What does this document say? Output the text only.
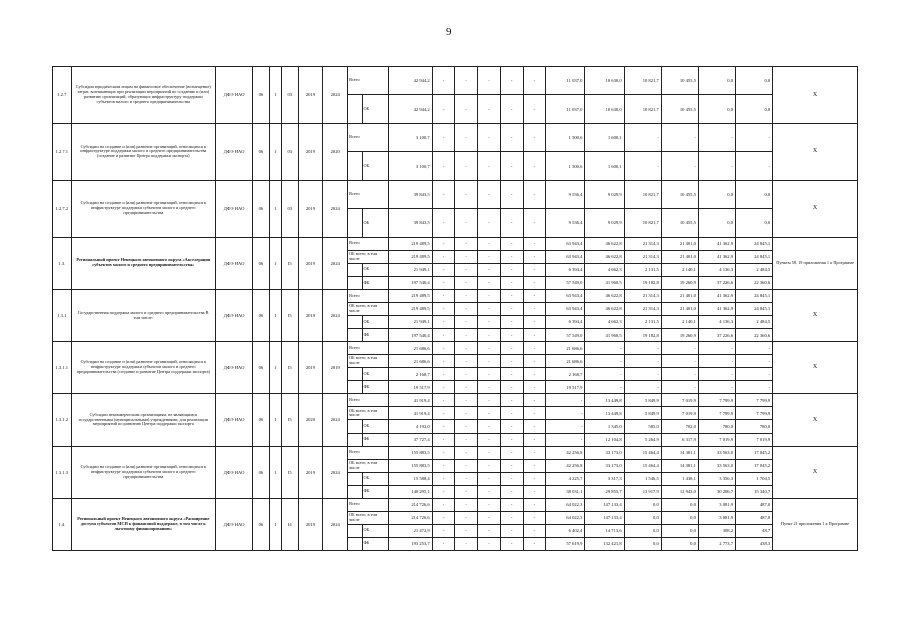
9
1.2.7	Субсидии юридическим лицам на финансовое обеспечение (возмещение) затрат, возникающих при реализации мероприятий по созданию и (или) развитию организаций, образующих инфраструктуру поддержки субъектов малого и среднего предпринимательства	ДФЭ НАО	06	1	03	2019	2024	Всего		42 944,2	-	-	-	-	-	11 037,0	10 630,0	10 821,7	10 455,5	0,0	0,0	X
									ОБ	42 944,2	-	-	-	-	-	11 037,0	10 630,0	10 821,7	10 455,5	0,0	0,0	
1.2.7.1	Субсидии на создание и (или) развитие организаций, относящихся к инфраструктуре поддержки малого и среднего предпринимательства (создание и развитие Центра поддержки экспорта)	ДФЭ НАО	06	1	03	2019	2020	Всего		3 100,7	-	-	-	-	-	1 500,6	1 600,1	-	-	-	-	X
									ОБ	3 100,7	-	-	-	-	-	1 500,6	1 600,1	-	-	-	-	
1.2.7.2	Субсидии на создание и (или) развитие организаций, относящихся к инфраструктуре поддержки субъектов малого и среднего предпринимательства	ДФЭ НАО	06	1	03	2019	2024	Всего		39 843,5	-	-	-	-	-	9 536,4	9 029,9	10 821,7	10 455,5	0,0	0,0	X
									ОБ	39 843,5	-	-	-	-	-	9 536,4	9 029,9	10 821,7	10 455,5	0,0	0,0	
1.3.	Региональный проект Ненецкого автономного округа «Акселерация субъектов малого и среднего предпринимательства»	ДФЭ НАО	06	1	I5	2019	2024	Всего		219 489,5	-	-	-	-	-	63 943,4	46 622,8	21 314,3	21 401,0	41 362,9	24 845,1	Пункты 58, 19 приложения 1 к Программе
								ОБ всего, в том числе		219 489,5	-	-	-	-	-	63 943,4	46 622,8	21 314,3	21 401,0	41 362,9	24 845,1	
									ОБ	21 949,1	-	-	-	-	-	6 394,4	4 662,3	2 131,5	2 140,1	4 136,3	2 484,5	
									ФБ	197 540,4	-	-	-	-	-	57 549,0	41 960,5	19 182,8	19 260,9	37 226,6	22 360,6	
1.3.1	Государственная поддержка малого и среднего предпринимательства В том числе:	ДФЭ НАО	06	1	I5	2019	2024	Всего		219 489,5	-	-	-	-	-	63 943,4	46 622,8	21 314,3	21 401,0	41 362,9	24 845,1	X
								ОБ всего, в том числе		219 489,5	-	-	-	-	-	63 943,4	46 622,8	21 314,3	21 401,0	41 362,9	24 845,1	
									ОБ	21 949,1	-	-	-	-	-	6 394,4	4 662,3	2 131,5	2 140,1	4 136,3	2 484,5	
									ФБ	197 540,4	-	-	-	-	-	57 549,0	41 960,5	19 182,8	19 260,9	37 226,6	22 360,6	
1.3.1.1	Субсидии на создание и (или) развитие организаций, относящихся к инфраструктуре поддержки субъектов малого и среднего предпринимательства (создание и развитие Центра поддержки экспорта)	ДФЭ НАО	06	1	I5	2019	2019	Всего		21 686,6	-	-	-	-	-	21 686,6	-	-	-	-	-	X
								ОБ всего, в том числе		21 686,6	-	-	-	-	-	21 686,6	-	-	-	-	-	
									ОБ	2 168,7	-	-	-	-	-	2 168,7	-	-	-	-	-	
									ФБ	19 517,9	-	-	-	-	-	19 517,9	-	-	-	-	-	
1.3.1.2	Субсидии некоммерческим организациям, не являющимся государственными (муниципальными) учреждениями, для реализации мероприятий по развитию Центра поддержки экспорта	ДФЭ НАО	06	1	I5	2020	2024	Всего		41 919,4	-	-	-	-	-	-	13 449,8	5 849,9	7 019,9	7 799,9	7 799,9	X
								ОБ всего, в том числе		41 919,4	-	-	-	-	-	-	13 449,8	5 849,9	7 019,9	7 799,9	7 799,9	
									ОБ	4 192,0	-	-	-	-	-	-	1 345,0	585,0	702,0	780,0	780,0	
									ФБ	37 727,4	-	-	-	-	-	-	12 104,8	5 264,9	6 317,9	7 019,9	7 019,9	
1.3.1.3	Субсидии на создание и (или) развитие организаций, относящихся к инфраструктуре поддержки субъектов малого и среднего предпринимательства	ДФЭ НАО	06	1	I5	2019	2024	Всего		155 883,5	-	-	-	-	-	42 256,8	33 173,0	15 464,4	14 381,1	33 563,0	17 045,2	X
								ОБ всего, в том числе		155 883,5	-	-	-	-	-	42 256,8	33 173,0	15 464,4	14 381,1	33 563,0	17 045,2	
									ОБ	15 588,4	-	-	-	-	-	4 225,7	3 317,3	1 546,5	1 438,1	3 356,3	1 704,5	
									ФБ	140 295,1	-	-	-	-	-	38 031,1	29 855,7	13 917,9	12 943,0	30 206,7	15 340,7	
1.4.	Региональный проект Ненецкого автономного округа «Расширение доступа субъектов МСП к финансовой поддержке, в том числе к льготному финансированию»	ДФЭ НАО	06	1	I4	2019	2024	Всего		214 726,6	-	-	-	-	-	64 022,3	147 133,4	0,0	0,0	3 081,9	487,0	Пункт 21 приложения 1 к Программе
								ОБ всего, в том числе		214 726,6	-	-	-	-	-	64 022,3	147 133,4	0,0	0,0	3 081,9	487,0	
									ОБ	21 472,9	-	-	-	-	-	6 402,4	14 713,6	0,0	0,0	308,2	48,7	
									ФБ	193 253,7	-	-	-	-	-	57 619,9	132 421,8	0,0	0,0	2 773,7	438,3	
